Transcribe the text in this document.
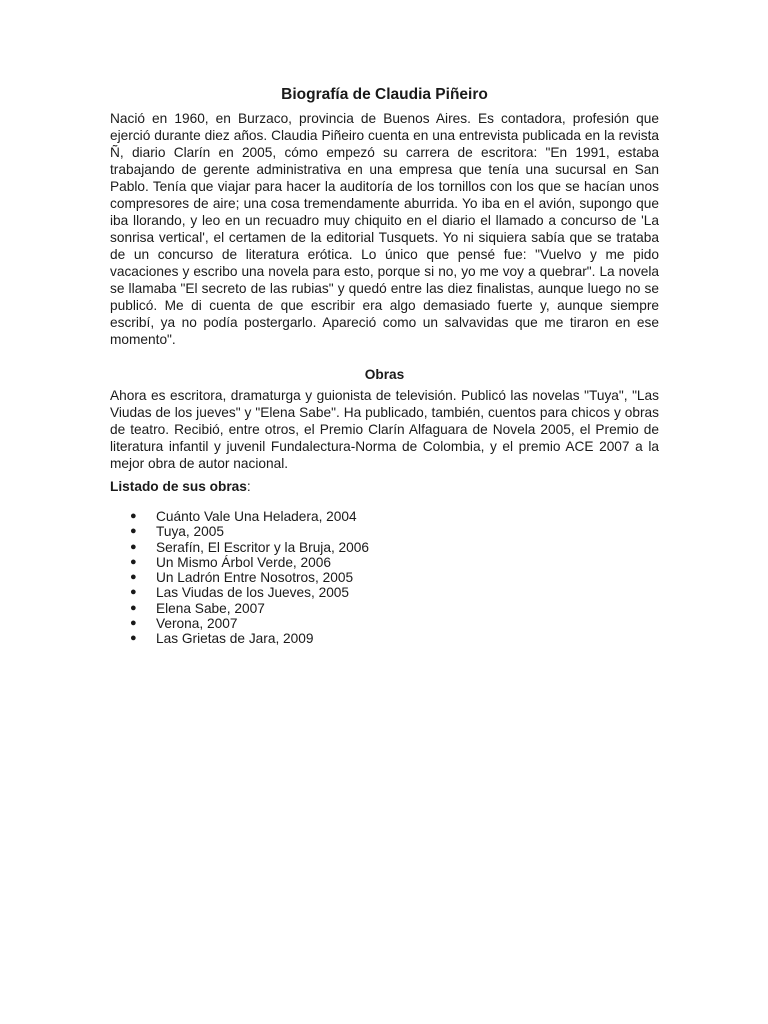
Biografía de Claudia Piñeiro

Nació en 1960, en Burzaco, provincia de Buenos Aires. Es contadora, profesión que ejerció durante diez años. Claudia Piñeiro cuenta en una entrevista publicada en la revista Ñ, diario Clarín en 2005, cómo empezó su carrera de escritora: "En 1991, estaba trabajando de gerente administrativa en una empresa que tenía una sucursal en San Pablo. Tenía que viajar para hacer la auditoría de los tornillos con los que se hacían unos compresores de aire; una cosa tremendamente aburrida. Yo iba en el avión, supongo que iba llorando, y leo en un recuadro muy chiquito en el diario el llamado a concurso de 'La sonrisa vertical', el certamen de la editorial Tusquets. Yo ni siquiera sabía que se trataba de un concurso de literatura erótica. Lo único que pensé fue: "Vuelvo y me pido vacaciones y escribo una novela para esto, porque si no, yo me voy a quebrar". La novela se llamaba "El secreto de las rubias" y quedó entre las diez finalistas, aunque luego no se publicó. Me di cuenta de que escribir era algo demasiado fuerte y, aunque siempre escribí, ya no podía postergarlo. Apareció como un salvavidas que me tiraron en ese momento".

Obras

Ahora es escritora, dramaturga y guionista de televisión. Publicó las novelas "Tuya", "Las Viudas de los jueves" y "Elena Sabe". Ha publicado, también, cuentos para chicos y obras de teatro. Recibió, entre otros, el Premio Clarín Alfaguara de Novela 2005, el Premio de literatura infantil y juvenil Fundalectura-Norma de Colombia, y el premio ACE 2007 a la mejor obra de autor nacional.

Listado de sus obras:

● Cuánto Vale Una Heladera, 2004
● Tuya, 2005
● Serafín, El Escritor y la Bruja, 2006
● Un Mismo Árbol Verde, 2006
● Un Ladrón Entre Nosotros, 2005
● Las Viudas de los Jueves, 2005
● Elena Sabe, 2007
● Verona, 2007
● Las Grietas de Jara, 2009
